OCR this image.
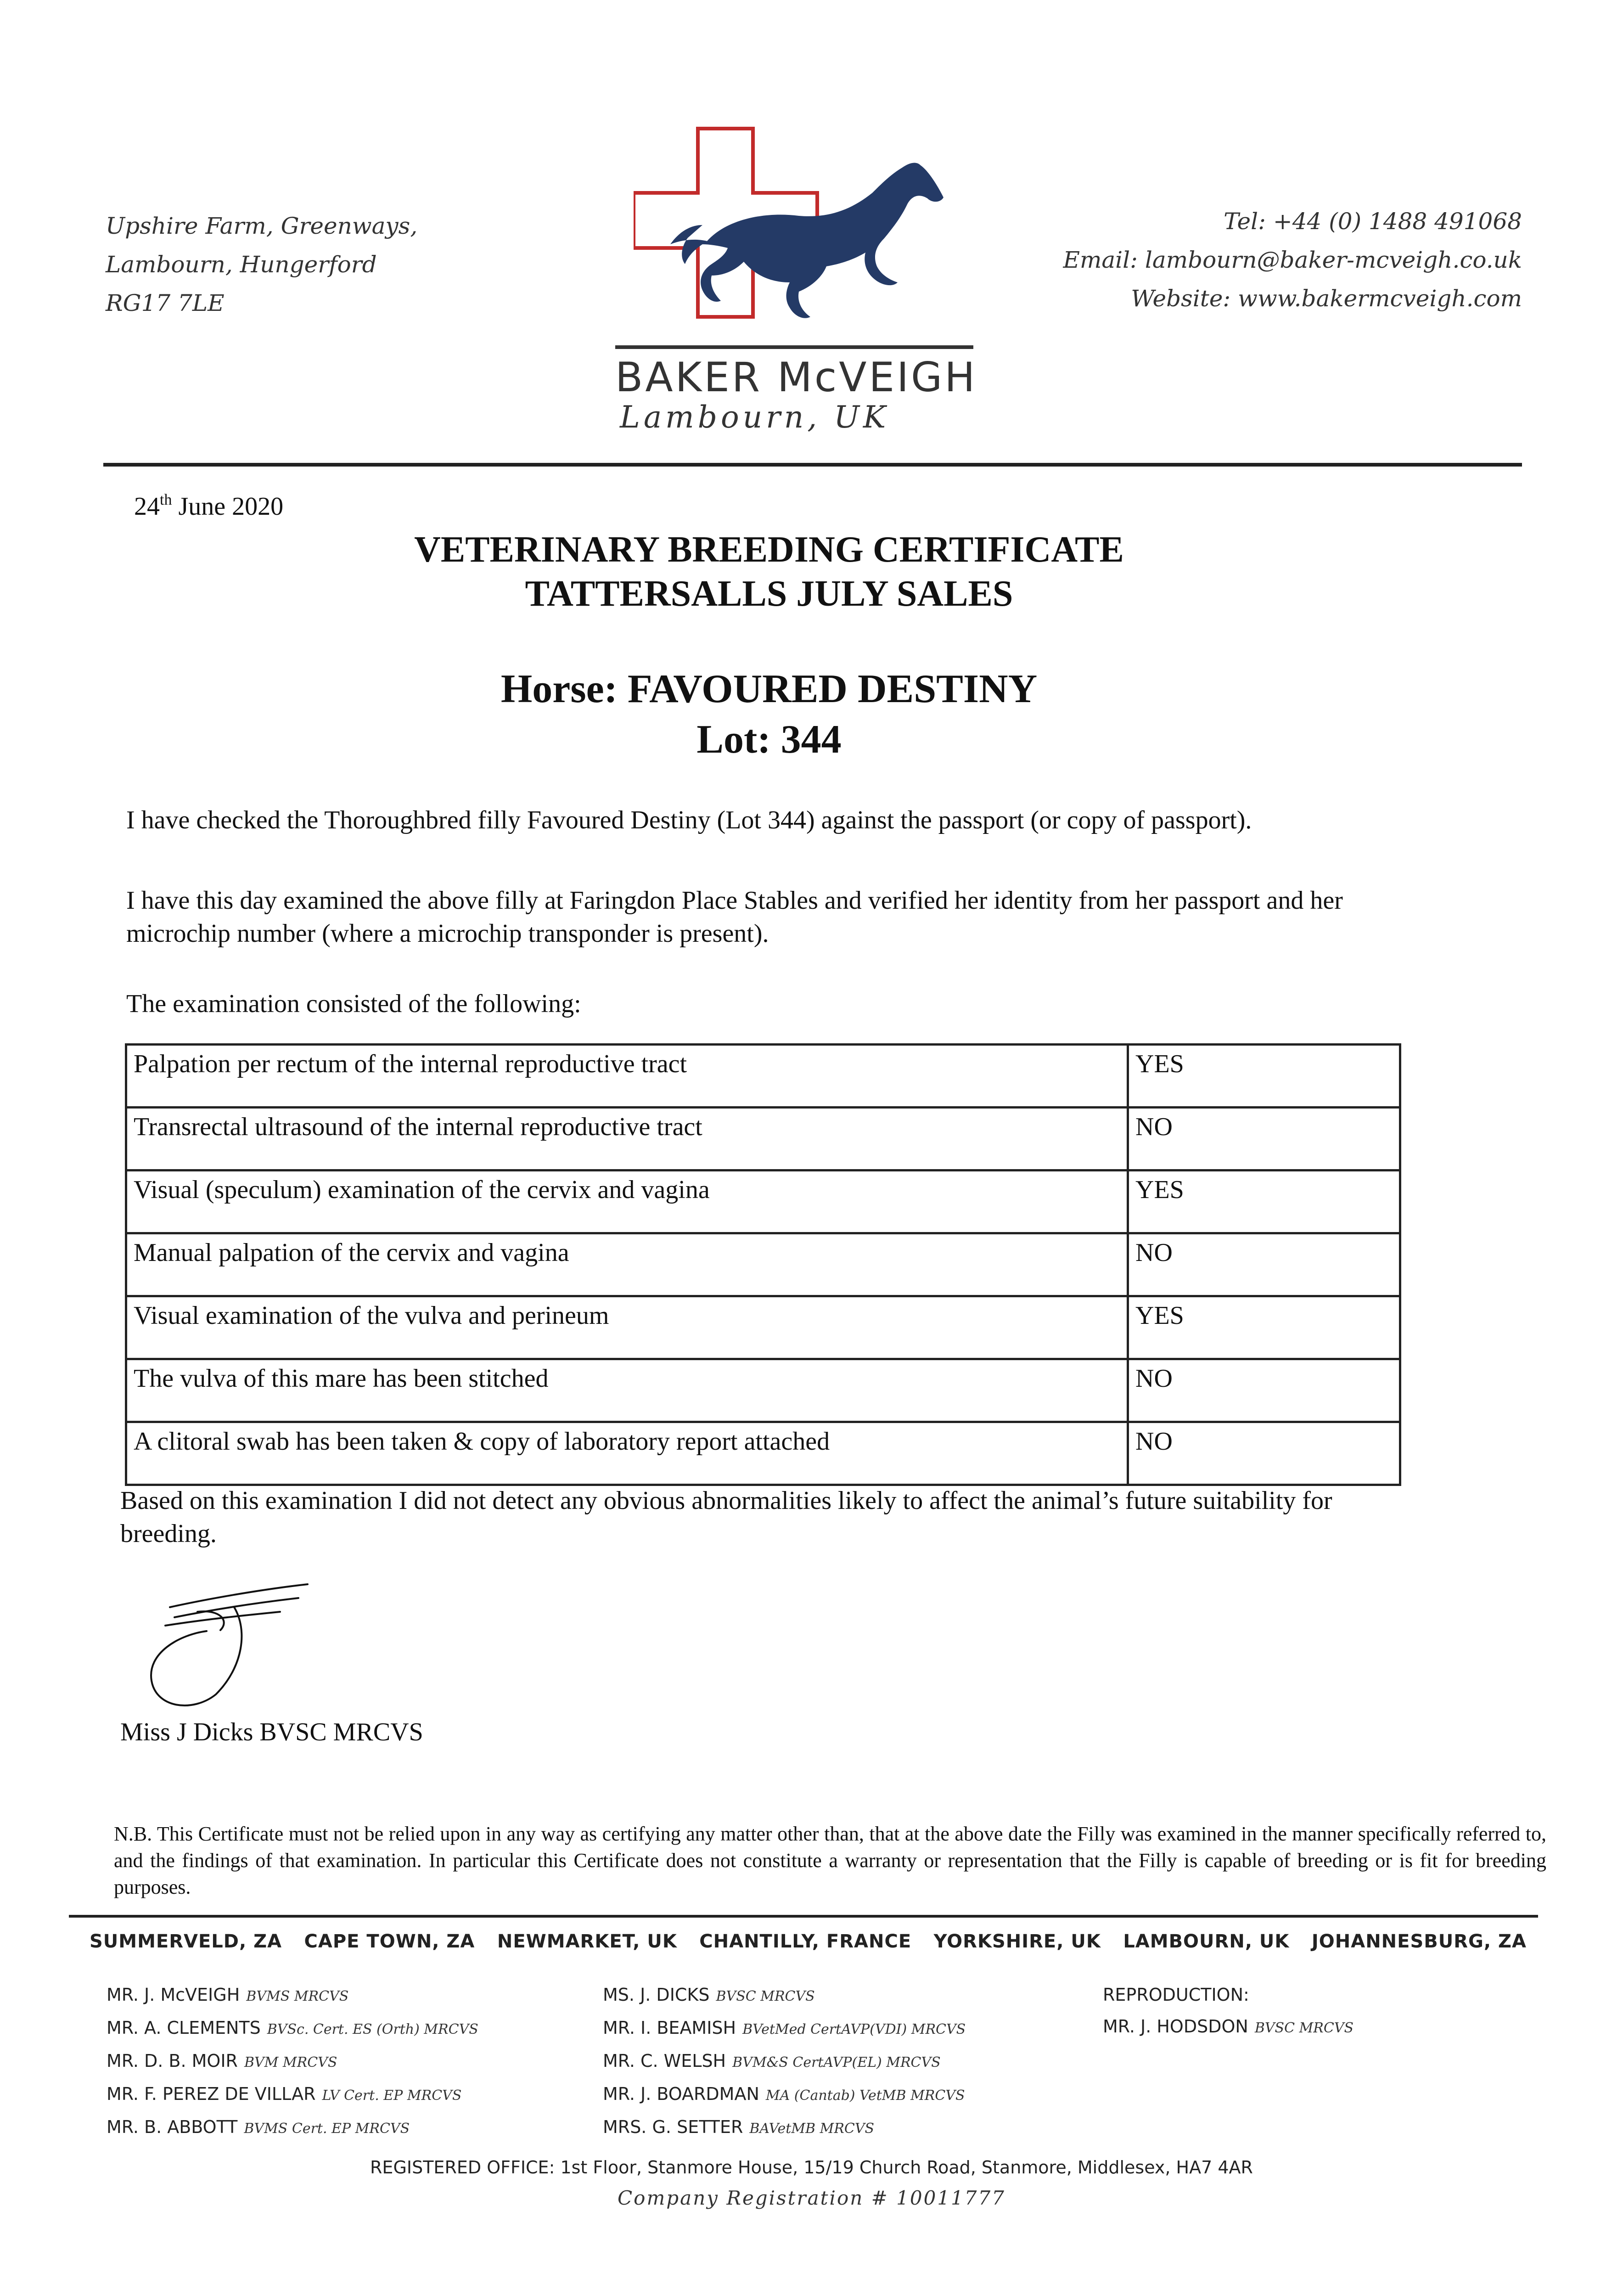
Upshire Farm, Greenways,
Lambourn, Hungerford
RG17 7LE
BAKER McVEIGH
Lambourn, UK
Tel: +44 (0) 1488 491068
Email: lambourn@baker-mcveigh.co.uk
Website: www.bakermcveigh.com
24th June 2020
VETERINARY BREEDING CERTIFICATE
TATTERSALLS JULY SALES
Horse: FAVOURED DESTINY
Lot: 344
I have checked the Thoroughbred filly Favoured Destiny (Lot 344) against the passport (or copy of passport).
I have this day examined the above filly at Faringdon Place Stables and verified her identity from her passport and her microchip number (where a microchip transponder is present).
The examination consisted of the following:
Palpation per rectum of the internal reproductive tract	YES
Transrectal ultrasound of the internal reproductive tract	NO
Visual (speculum) examination of the cervix and vagina	YES
Manual palpation of the cervix and vagina	NO
Visual examination of the vulva and perineum	YES
The vulva of this mare has been stitched	NO
A clitoral swab has been taken & copy of laboratory report attached	NO
Based on this examination I did not detect any obvious abnormalities likely to affect the animal’s future suitability for breeding.
Miss J Dicks BVSC MRCVS
N.B. This Certificate must not be relied upon in any way as certifying any matter other than, that at the above date the Filly was examined in the manner specifically referred to, and the findings of that examination. In particular this Certificate does not constitute a warranty or representation that the Filly is capable of breeding or is fit for breeding purposes.
SUMMERVELD, ZA CAPE TOWN, ZA NEWMARKET, UK CHANTILLY, FRANCE YORKSHIRE, UK LAMBOURN, UK JOHANNESBURG, ZA
MR. J. McVEIGH BVMS MRCVS
MR. A. CLEMENTS BVSc. Cert. ES (Orth) MRCVS
MR. D. B. MOIR BVM MRCVS
MR. F. PEREZ DE VILLAR LV Cert. EP MRCVS
MR. B. ABBOTT BVMS Cert. EP MRCVS
MS. J. DICKS BVSC MRCVS
MR. I. BEAMISH BVetMed CertAVP(VDI) MRCVS
MR. C. WELSH BVM&S CertAVP(EL) MRCVS
MR. J. BOARDMAN MA (Cantab) VetMB MRCVS
MRS. G. SETTER BAVetMB MRCVS
REPRODUCTION:
MR. J. HODSDON BVSC MRCVS
REGISTERED OFFICE: 1st Floor, Stanmore House, 15/19 Church Road, Stanmore, Middlesex, HA7 4AR
Company Registration # 10011777
